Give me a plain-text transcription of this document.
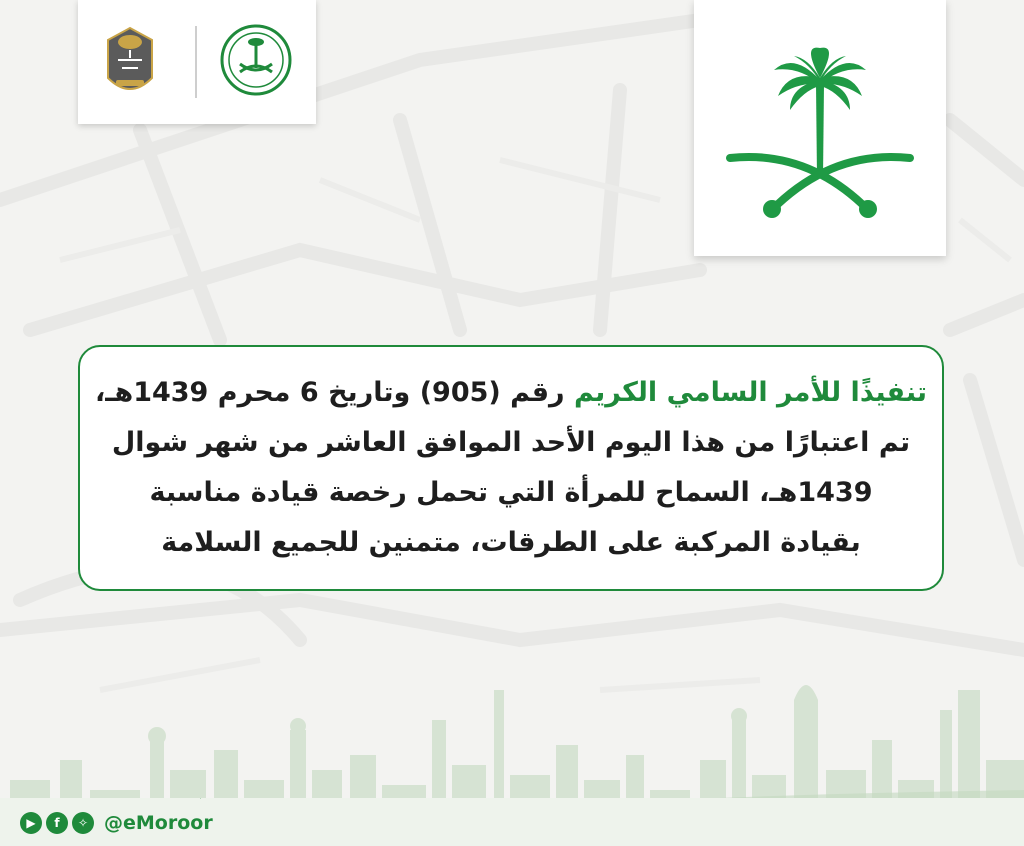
تنفيذًا للأمر السامي الكريم رقم (905) وتاريخ 6 محرم 1439هـ،
تم اعتبارًا من هذا اليوم الأحد الموافق العاشر من شهر شوال
1439هـ، السماح للمرأة التي تحمل رخصة قيادة مناسبة
بقيادة المركبة على الطرقات، متمنين للجميع السلامة
▶	f	✧ @eMoroor
